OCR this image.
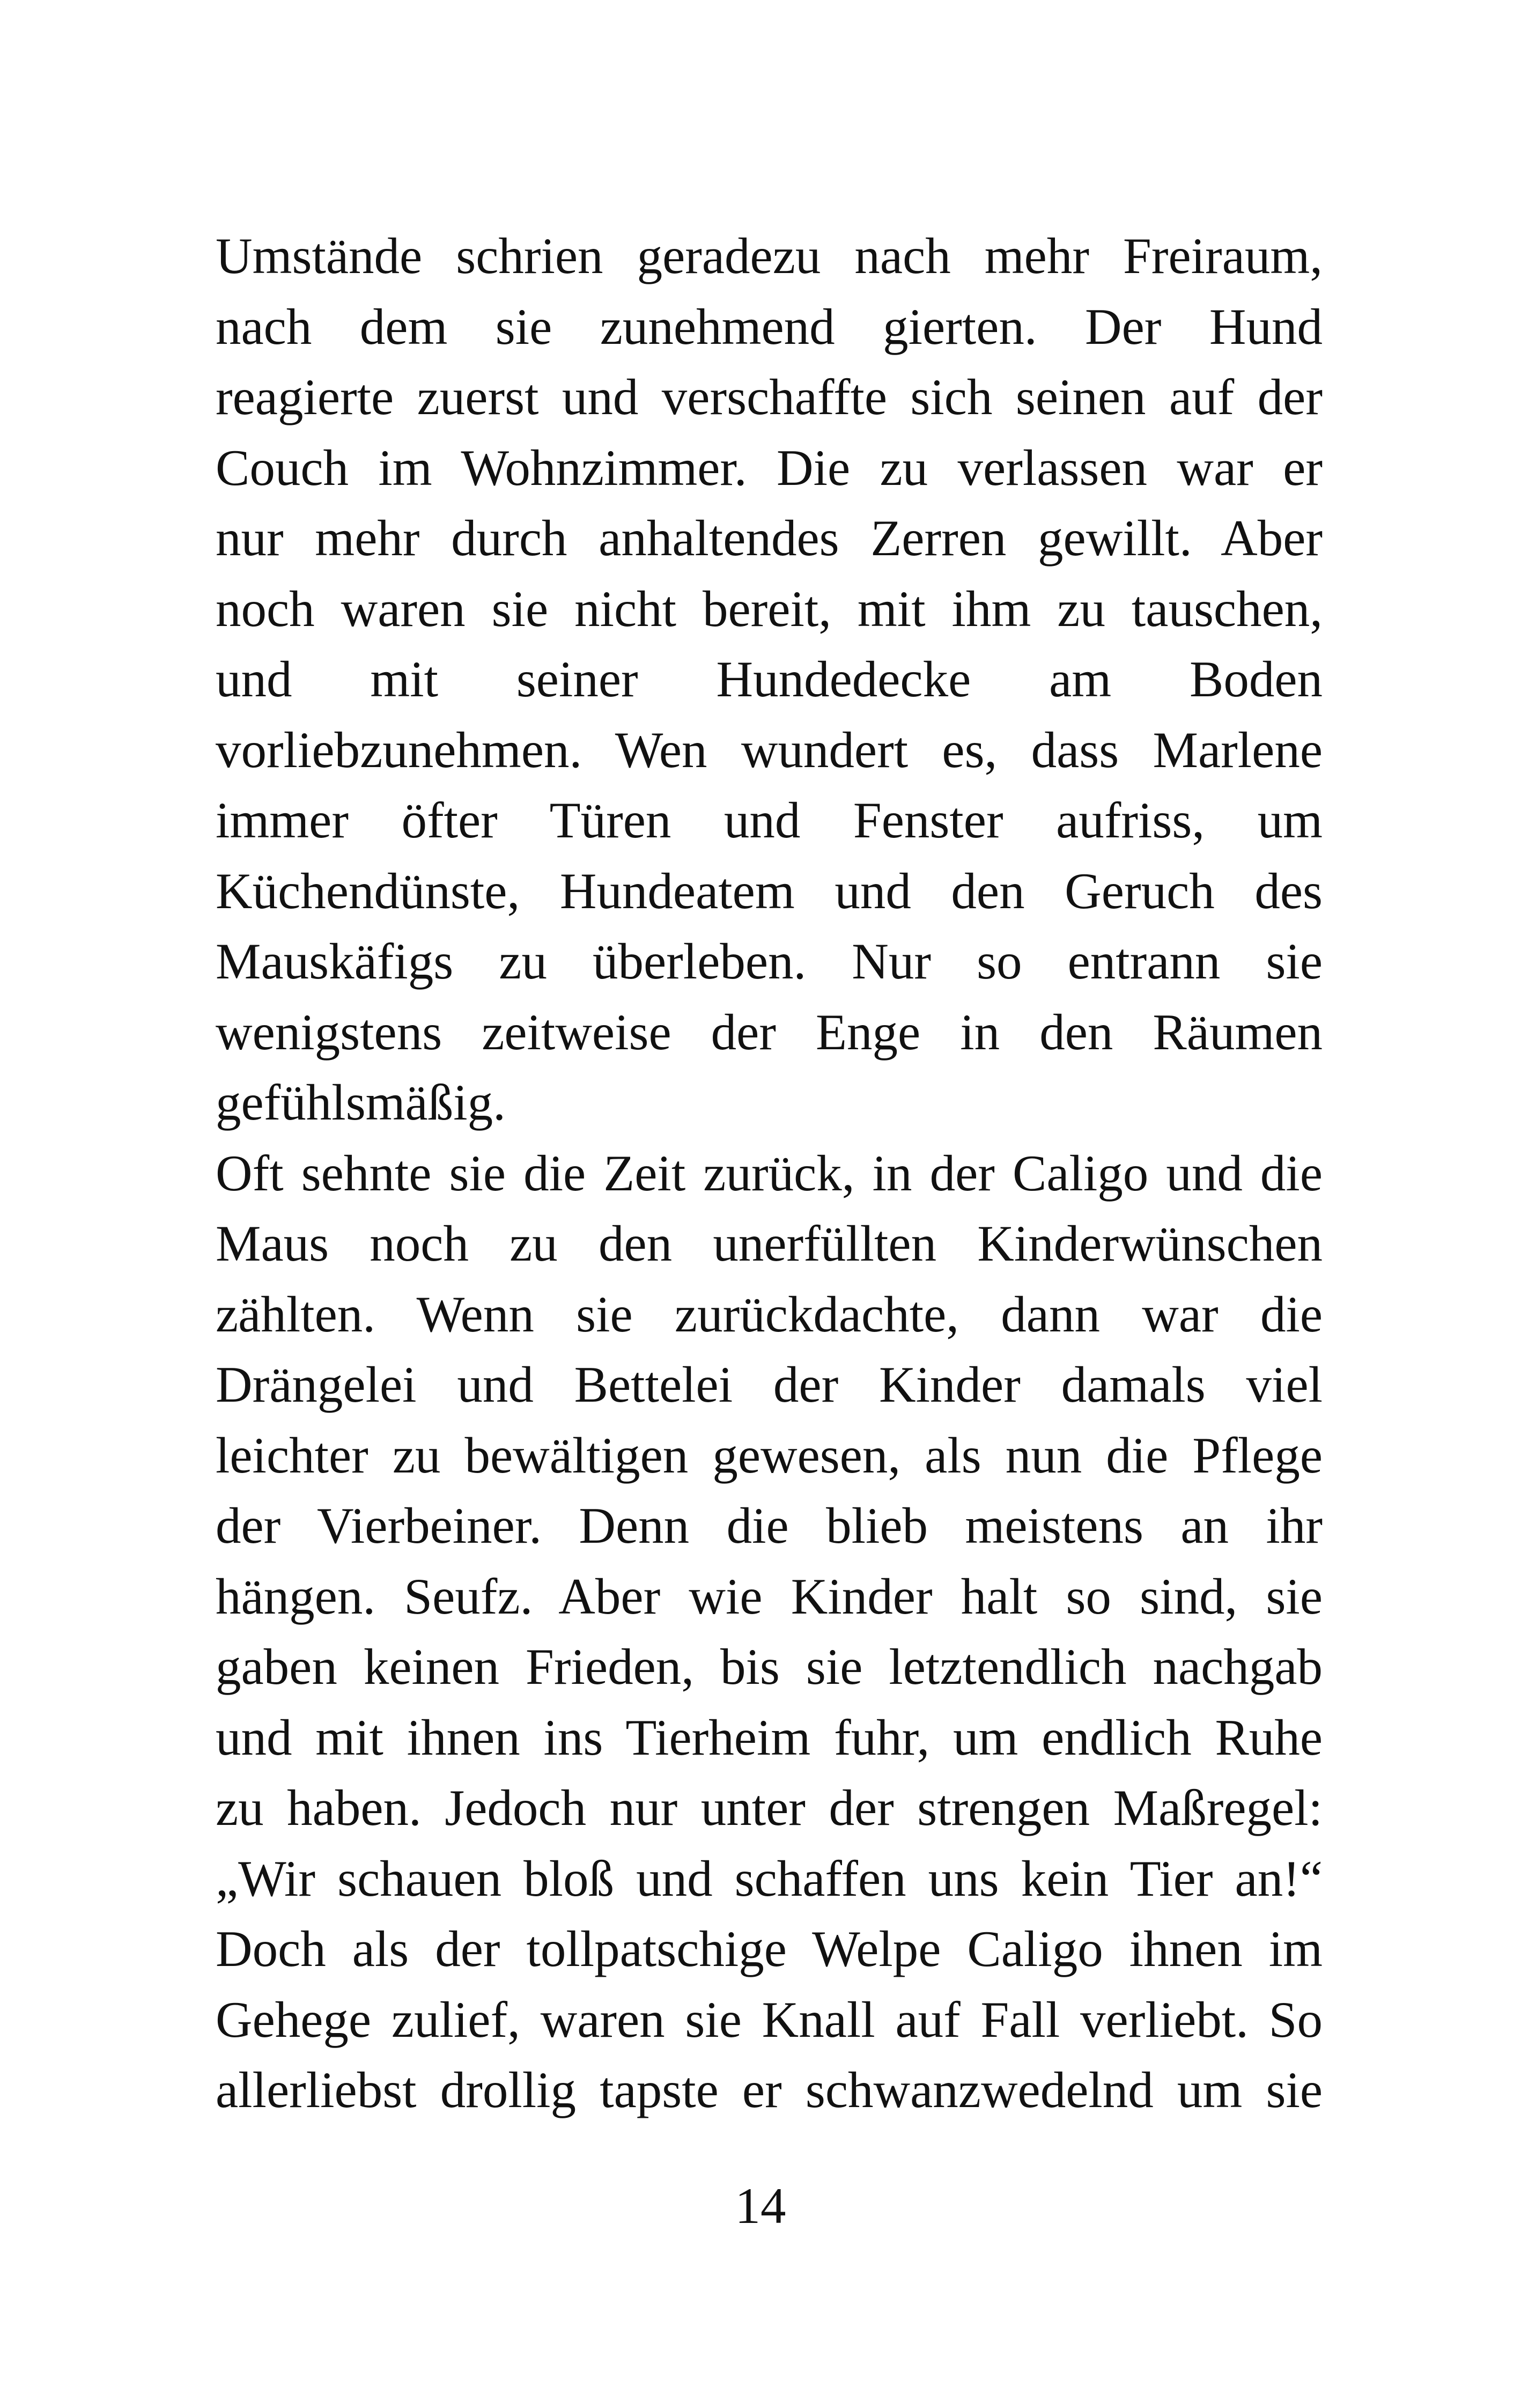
Umstände schrien geradezu nach mehr Freiraum,
nach dem sie zunehmend gierten. Der Hund
reagierte zuerst und verschaffte sich seinen auf der
Couch im Wohnzimmer. Die zu verlassen war er
nur mehr durch anhaltendes Zerren gewillt. Aber
noch waren sie nicht bereit, mit ihm zu tauschen,
und mit seiner Hundedecke am Boden
vorliebzunehmen. Wen wundert es, dass Marlene
immer öfter Türen und Fenster aufriss, um
Küchendünste, Hundeatem und den Geruch des
Mauskäfigs zu überleben. Nur so entrann sie
wenigstens zeitweise der Enge in den Räumen
gefühlsmäßig.
Oft sehnte sie die Zeit zurück, in der Caligo und die
Maus noch zu den unerfüllten Kinderwünschen
zählten. Wenn sie zurückdachte, dann war die
Drängelei und Bettelei der Kinder damals viel
leichter zu bewältigen gewesen, als nun die Pflege
der Vierbeiner. Denn die blieb meistens an ihr
hängen. Seufz. Aber wie Kinder halt so sind, sie
gaben keinen Frieden, bis sie letztendlich nachgab
und mit ihnen ins Tierheim fuhr, um endlich Ruhe
zu haben. Jedoch nur unter der strengen Maßregel:
„Wir schauen bloß und schaffen uns kein Tier an!“
Doch als der tollpatschige Welpe Caligo ihnen im
Gehege zulief, waren sie Knall auf Fall verliebt. So
allerliebst drollig tapste er schwanzwedelnd um sie
14
